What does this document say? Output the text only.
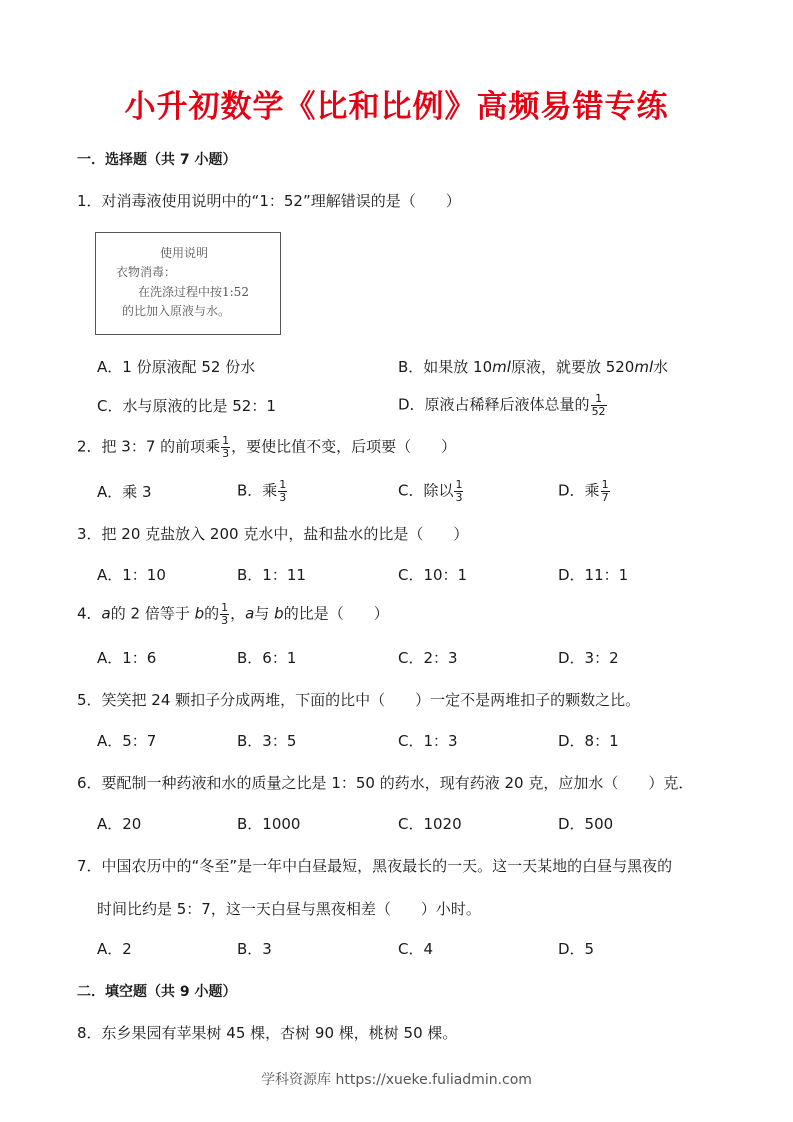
小升初数学《比和比例》高频易错专练
一．选择题（共 7 小题）
1．对消毒液使用说明中的“1：52”理解错误的是（　　）
使用说明
衣物消毒：
在洗涤过程中按1:52
的比加入原液与水。
A．1 份原液配 52 份水	B．如果放 10ml原液，就要放 520ml水
C．水与原液的比是 52：1	D．原液占稀释后液体总量的 $\frac{1}{52}$
2．把 3：7 的前项乘 $\frac{1}{3}$ ，要使比值不变，后项要（　　）
A．乘 3	B．乘 $\frac{1}{3}$	C．除以 $\frac{1}{3}$	D．乘 $\frac{1}{7}$
3．把 20 克盐放入 200 克水中，盐和盐水的比是（　　）
A．1：10	B．1：11	C．10：1	D．11：1
4．a的 2 倍等于 b的 $\frac{1}{3}$ ，a与 b的比是（　　）
A．1：6	B．6：1	C．2：3	D．3：2
5．笑笑把 24 颗扣子分成两堆，下面的比中（　　）一定不是两堆扣子的颗数之比。
A．5：7	B．3：5	C．1：3	D．8：1
6．要配制一种药液和水的质量之比是 1：50 的药水，现有药液 20 克，应加水（　　）克．
A．20	B．1000	C．1020	D．500
7．中国农历中的“冬至”是一年中白昼最短，黑夜最长的一天。这一天某地的白昼与黑夜的
时间比约是 5：7，这一天白昼与黑夜相差（　　）小时。
A．2	B．3	C．4	D．5
二．填空题（共 9 小题）
8．东乡果园有苹果树 45 棵，杏树 90 棵，桃树 50 棵。
学科资源库 https://xueke.fuliadmin.com
